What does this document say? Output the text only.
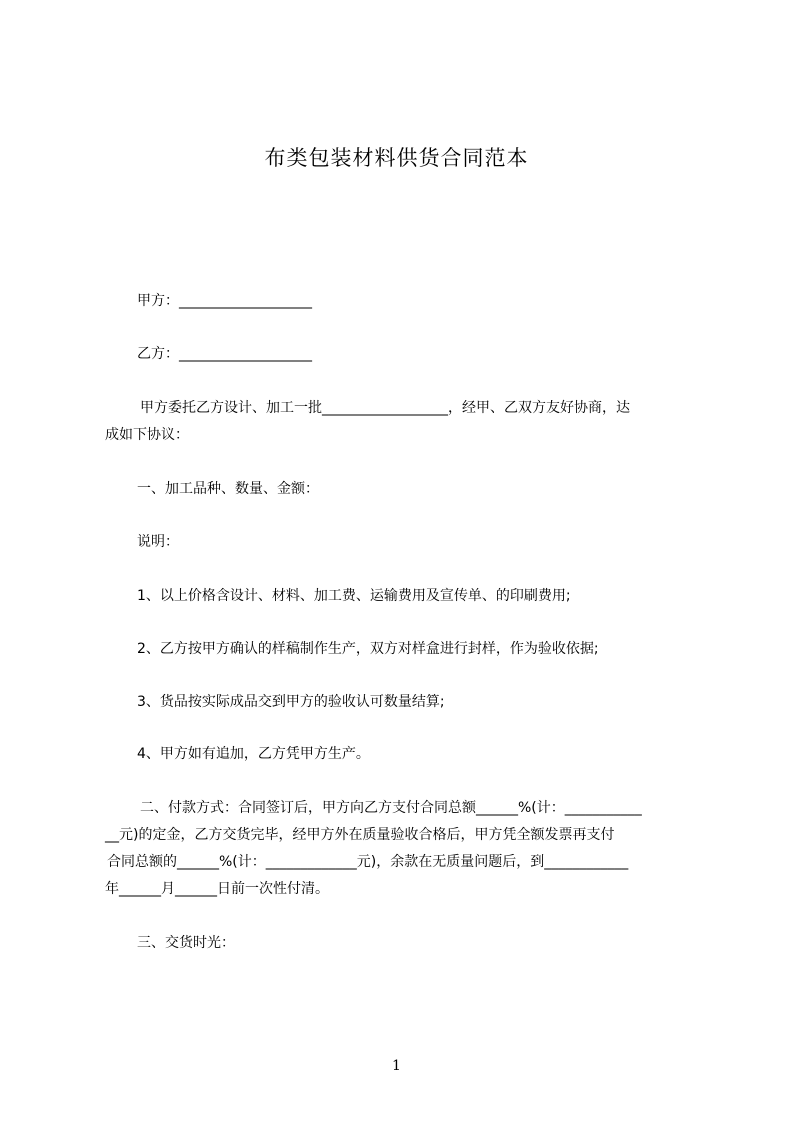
布类包装材料供货合同范本
甲方：___________________
乙方：___________________
甲方委托乙方设计、加工一批__________________，经甲、乙双方友好协商，达
成如下协议：
一、加工品种、数量、金额：
说明：
1、以上价格含设计、材料、加工费、运输费用及宣传单、的印刷费用;
2、乙方按甲方确认的样稿制作生产，双方对样盒进行封样，作为验收依据;
3、货品按实际成品交到甲方的验收认可数量结算;
4、甲方如有追加，乙方凭甲方生产。
二、付款方式：合同签订后，甲方向乙方支付合同总额______%(计：___________
__元)的定金，乙方交货完毕，经甲方外在质量验收合格后，甲方凭全额发票再支付
合同总额的______%(计：_____________元)，余款在无质量问题后，到____________
年______月______日前一次性付清。
三、交货时光：
1
